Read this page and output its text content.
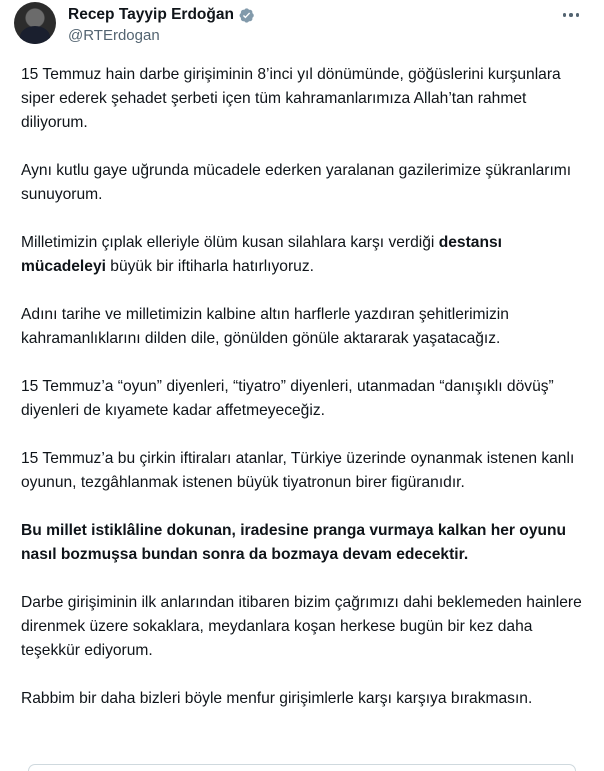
Recep Tayyip Erdoğan
@RTErdogan

15 Temmuz hain darbe girişiminin 8’inci yıl dönümünde, göğüslerini kurşunlara siper ederek şehadet şerbeti içen tüm kahramanlarımıza Allah’tan rahmet diliyorum.

Aynı kutlu gaye uğrunda mücadele ederken yaralanan gazilerimize şükranlarımı sunuyorum.

Milletimizin çıplak elleriyle ölüm kusan silahlara karşı verdiği destansı mücadeleyi büyük bir iftiharla hatırlıyoruz.

Adını tarihe ve milletimizin kalbine altın harflerle yazdıran şehitlerimizin kahramanlıklarını dilden dile, gönülden gönüle aktararak yaşatacağız.

15 Temmuz’a “oyun” diyenleri, “tiyatro” diyenleri, utanmadan “danışıklı dövüş” diyenleri de kıyamete kadar affetmeyeceğiz.

15 Temmuz’a bu çirkin iftiraları atanlar, Türkiye üzerinde oynanmak istenen kanlı oyunun, tezgâhlanmak istenen büyük tiyatronun birer figüranıdır.

Bu millet istiklâline dokunan, iradesine pranga vurmaya kalkan her oyunu nasıl bozmuşsa bundan sonra da bozmaya devam edecektir.

Darbe girişiminin ilk anlarından itibaren bizim çağrımızı dahi beklemeden hainlere direnmek üzere sokaklara, meydanlara koşan herkese bugün bir kez daha teşekkür ediyorum.

Rabbim bir daha bizleri böyle menfur girişimlerle karşı karşıya bırakmasın.
